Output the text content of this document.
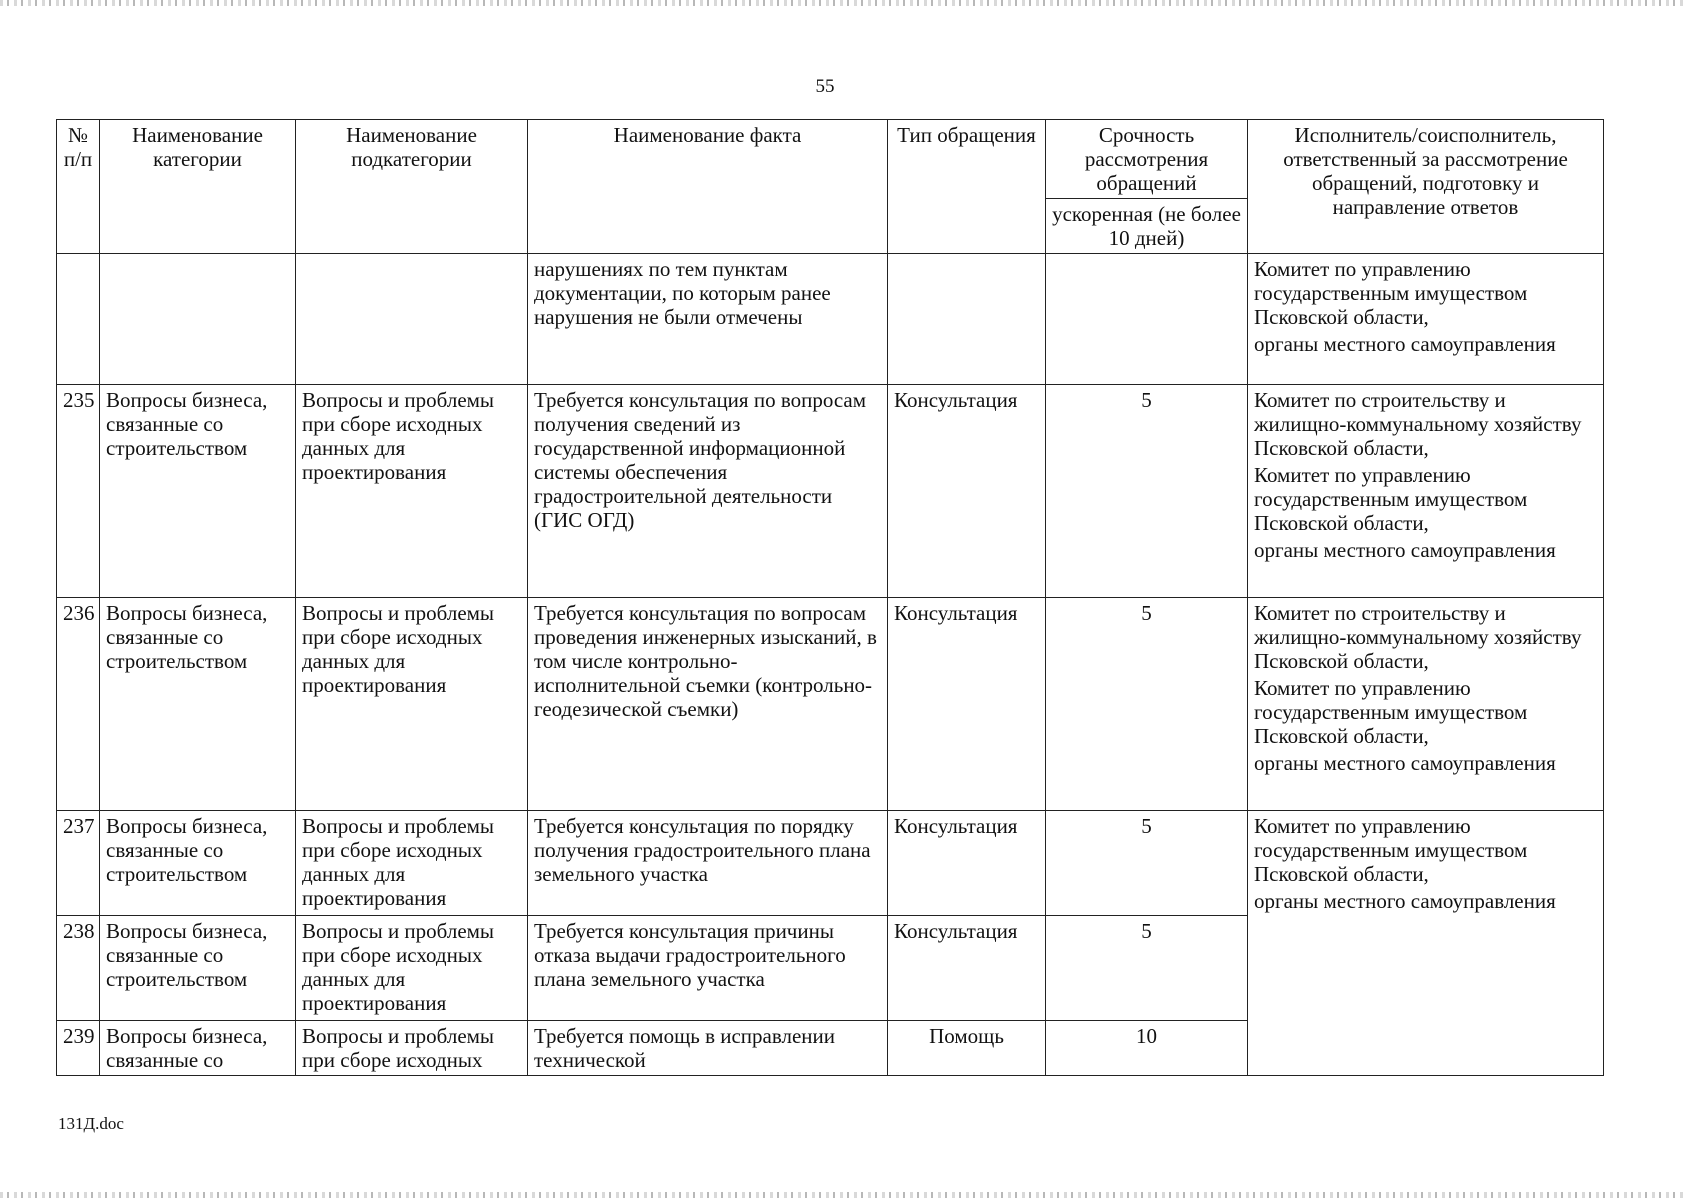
55
№ п/п	Наименование категории	Наименование подкатегории	Наименование факта	Тип обращения	Срочность рассмотрения обращений	Исполнитель/соисполнитель, ответственный за рассмотрение обращений, подготовку и направление ответов
					ускоренная (не более 10 дней)	
			нарушениях по тем пунктам документации, по которым ранее нарушения не были отмечены			Комитет по управлению государственным имуществом Псковской области,
органы местного самоуправления

235	Вопросы бизнеса, связанные со строительством	Вопросы и проблемы при сборе исходных данных для проектирования	Требуется консультация по вопросам получения сведений из государственной информационной системы обеспечения градостроительной деятельности (ГИС ОГД)	Консультация	5	Комитет по строительству и жилищно-коммунальному хозяйству Псковской области,
Комитет по управлению государственным имуществом Псковской области,
органы местного самоуправления

236	Вопросы бизнеса, связанные со строительством	Вопросы и проблемы при сборе исходных данных для проектирования	Требуется консультация по вопросам проведения инженерных изысканий, в том числе контрольно-исполнительной съемки (контрольно-геодезической съемки)	Консультация	5	Комитет по строительству и жилищно-коммунальному хозяйству Псковской области,
Комитет по управлению государственным имуществом Псковской области,
органы местного самоуправления

237	Вопросы бизнеса, связанные со строительством	Вопросы и проблемы при сборе исходных данных для проектирования	Требуется консультация по порядку получения градостроительного плана земельного участка	Консультация	5	Комитет по управлению государственным имуществом Псковской области,
органы местного самоуправления

238	Вопросы бизнеса, связанные со строительством	Вопросы и проблемы при сборе исходных данных для проектирования	Требуется консультация причины отказа выдачи градостроительного плана земельного участка	Консультация	5	
239	Вопросы бизнеса, связанные со	Вопросы и проблемы при сборе исходных	Требуется помощь в исправлении технической	Помощь	10	
131Д.doc
